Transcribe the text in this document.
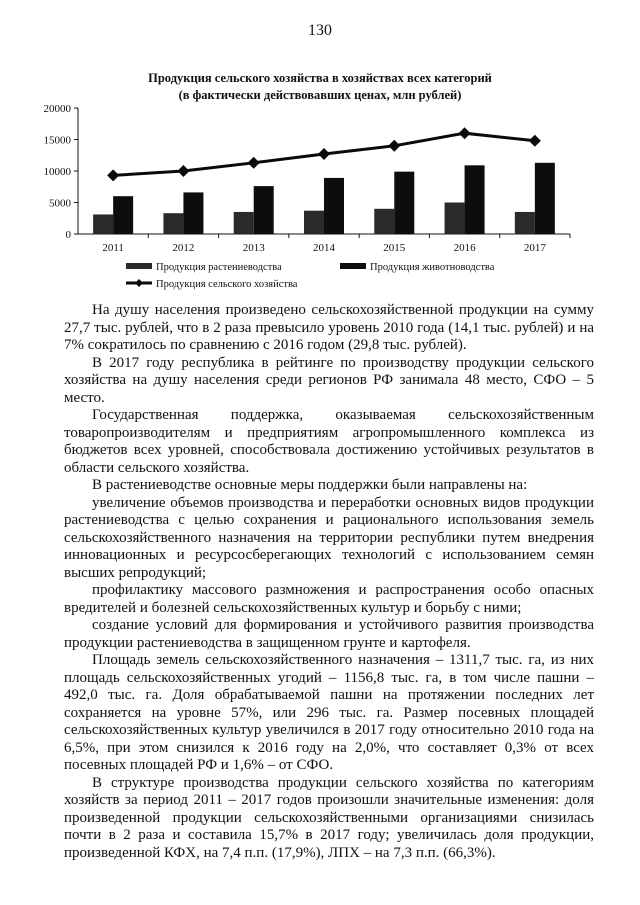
130
Продукция сельского хозяйства в хозяйствах всех категорий
(в фактически действовавших ценах, млн рублей)
0
5000
10000
15000
20000
2011	2012	2013	2014	2015	2016	2017
Продукция растениеводства	Продукция животноводства
Продукция сельского хозяйства

На душу населения произведено сельскохозяйственной продукции на сумму 27,7 тыс. рублей, что в 2 раза превысило уровень 2010 года (14,1 тыс. рублей) и на 7% сократилось по сравнению с 2016 годом (29,8 тыс. рублей).

В 2017 году республика в рейтинге по производству продукции сельского хозяйства на душу населения среди регионов РФ занимала 48 место, СФО – 5 место.

Государственная поддержка, оказываемая сельскохозяйственным товаропроизводителям и предприятиям агропромышленного комплекса из бюджетов всех уровней, способствовала достижению устойчивых результатов в области сельского хозяйства.

В растениеводстве основные меры поддержки были направлены на:

увеличение объемов производства и переработки основных видов продукции растениеводства с целью сохранения и рационального использования земель сельскохозяйственного назначения на территории республики путем внедрения инновационных и ресурсосберегающих технологий с использованием семян высших репродукций;

профилактику массового размножения и распространения особо опасных вредителей и болезней сельскохозяйственных культур и борьбу с ними;

создание условий для формирования и устойчивого развития производства продукции растениеводства в защищенном грунте и картофеля.

Площадь земель сельскохозяйственного назначения – 1311,7 тыс. га, из них площадь сельскохозяйственных угодий – 1156,8 тыс. га, в том числе пашни – 492,0 тыс. га. Доля обрабатываемой пашни на протяжении последних лет сохраняется на уровне 57%, или 296 тыс. га. Размер посевных площадей сельскохозяйственных культур увеличился в 2017 году относительно 2010 года на 6,5%, при этом снизился к 2016 году на 2,0%, что составляет 0,3% от всех посевных площадей РФ и 1,6% – от СФО.

В структуре производства продукции сельского хозяйства по категориям хозяйств за период 2011 – 2017 годов произошли значительные изменения: доля произведенной продукции сельскохозяйственными организациями снизилась почти в 2 раза и составила 15,7% в 2017 году; увеличилась доля продукции, произведенной КФХ, на 7,4 п.п. (17,9%), ЛПХ – на 7,3 п.п. (66,3%).
